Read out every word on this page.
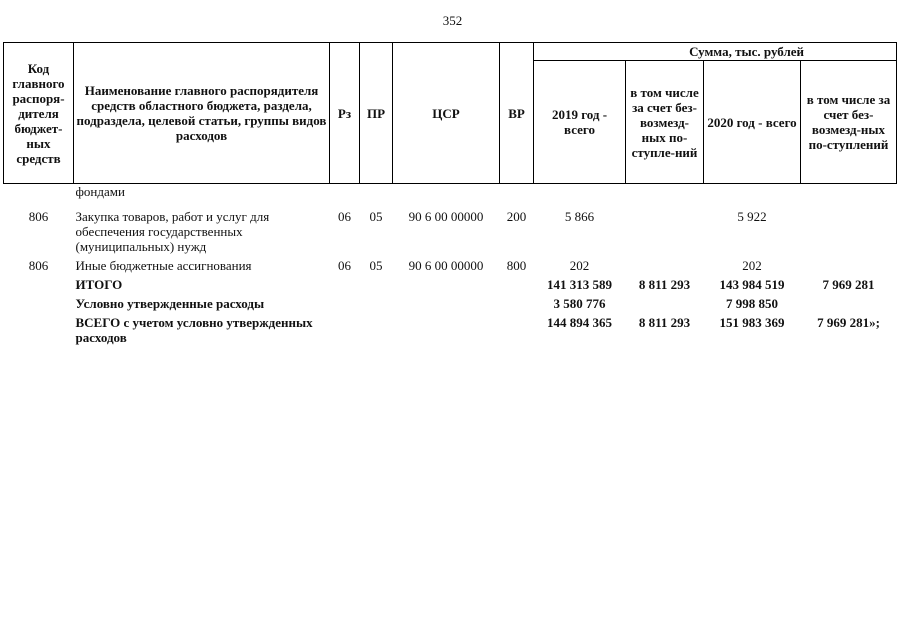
352
Код главного распоря-дителя бюджет-ных средств	Наименование главного распорядителя средств областного бюджета, раздела, подраздела, целевой статьи, группы видов расходов	Рз	ПР	ЦСР	ВР	Сумма, тыс. рублей			
						2019 год - всего	в том числе за счет без-возмезд-ных по-ступле-ний	2020 год - всего	в том числе за счет без-возмезд-ных по-ступлений
	фондами								
806	Закупка товаров, работ и услуг для обеспечения государственных (муниципальных) нужд	06	05	90 6 00 00000	200	5 866		5 922	
806	Иные бюджетные ассигнования	06	05	90 6 00 00000	800	202		202	
	ИТОГО					141 313 589	8 811 293	143 984 519	7 969 281
	Условно утвержденные расходы					3 580 776		7 998 850	
	ВСЕГО с учетом условно утвержденных расходов					144 894 365	8 811 293	151 983 369	7 969 281»;
